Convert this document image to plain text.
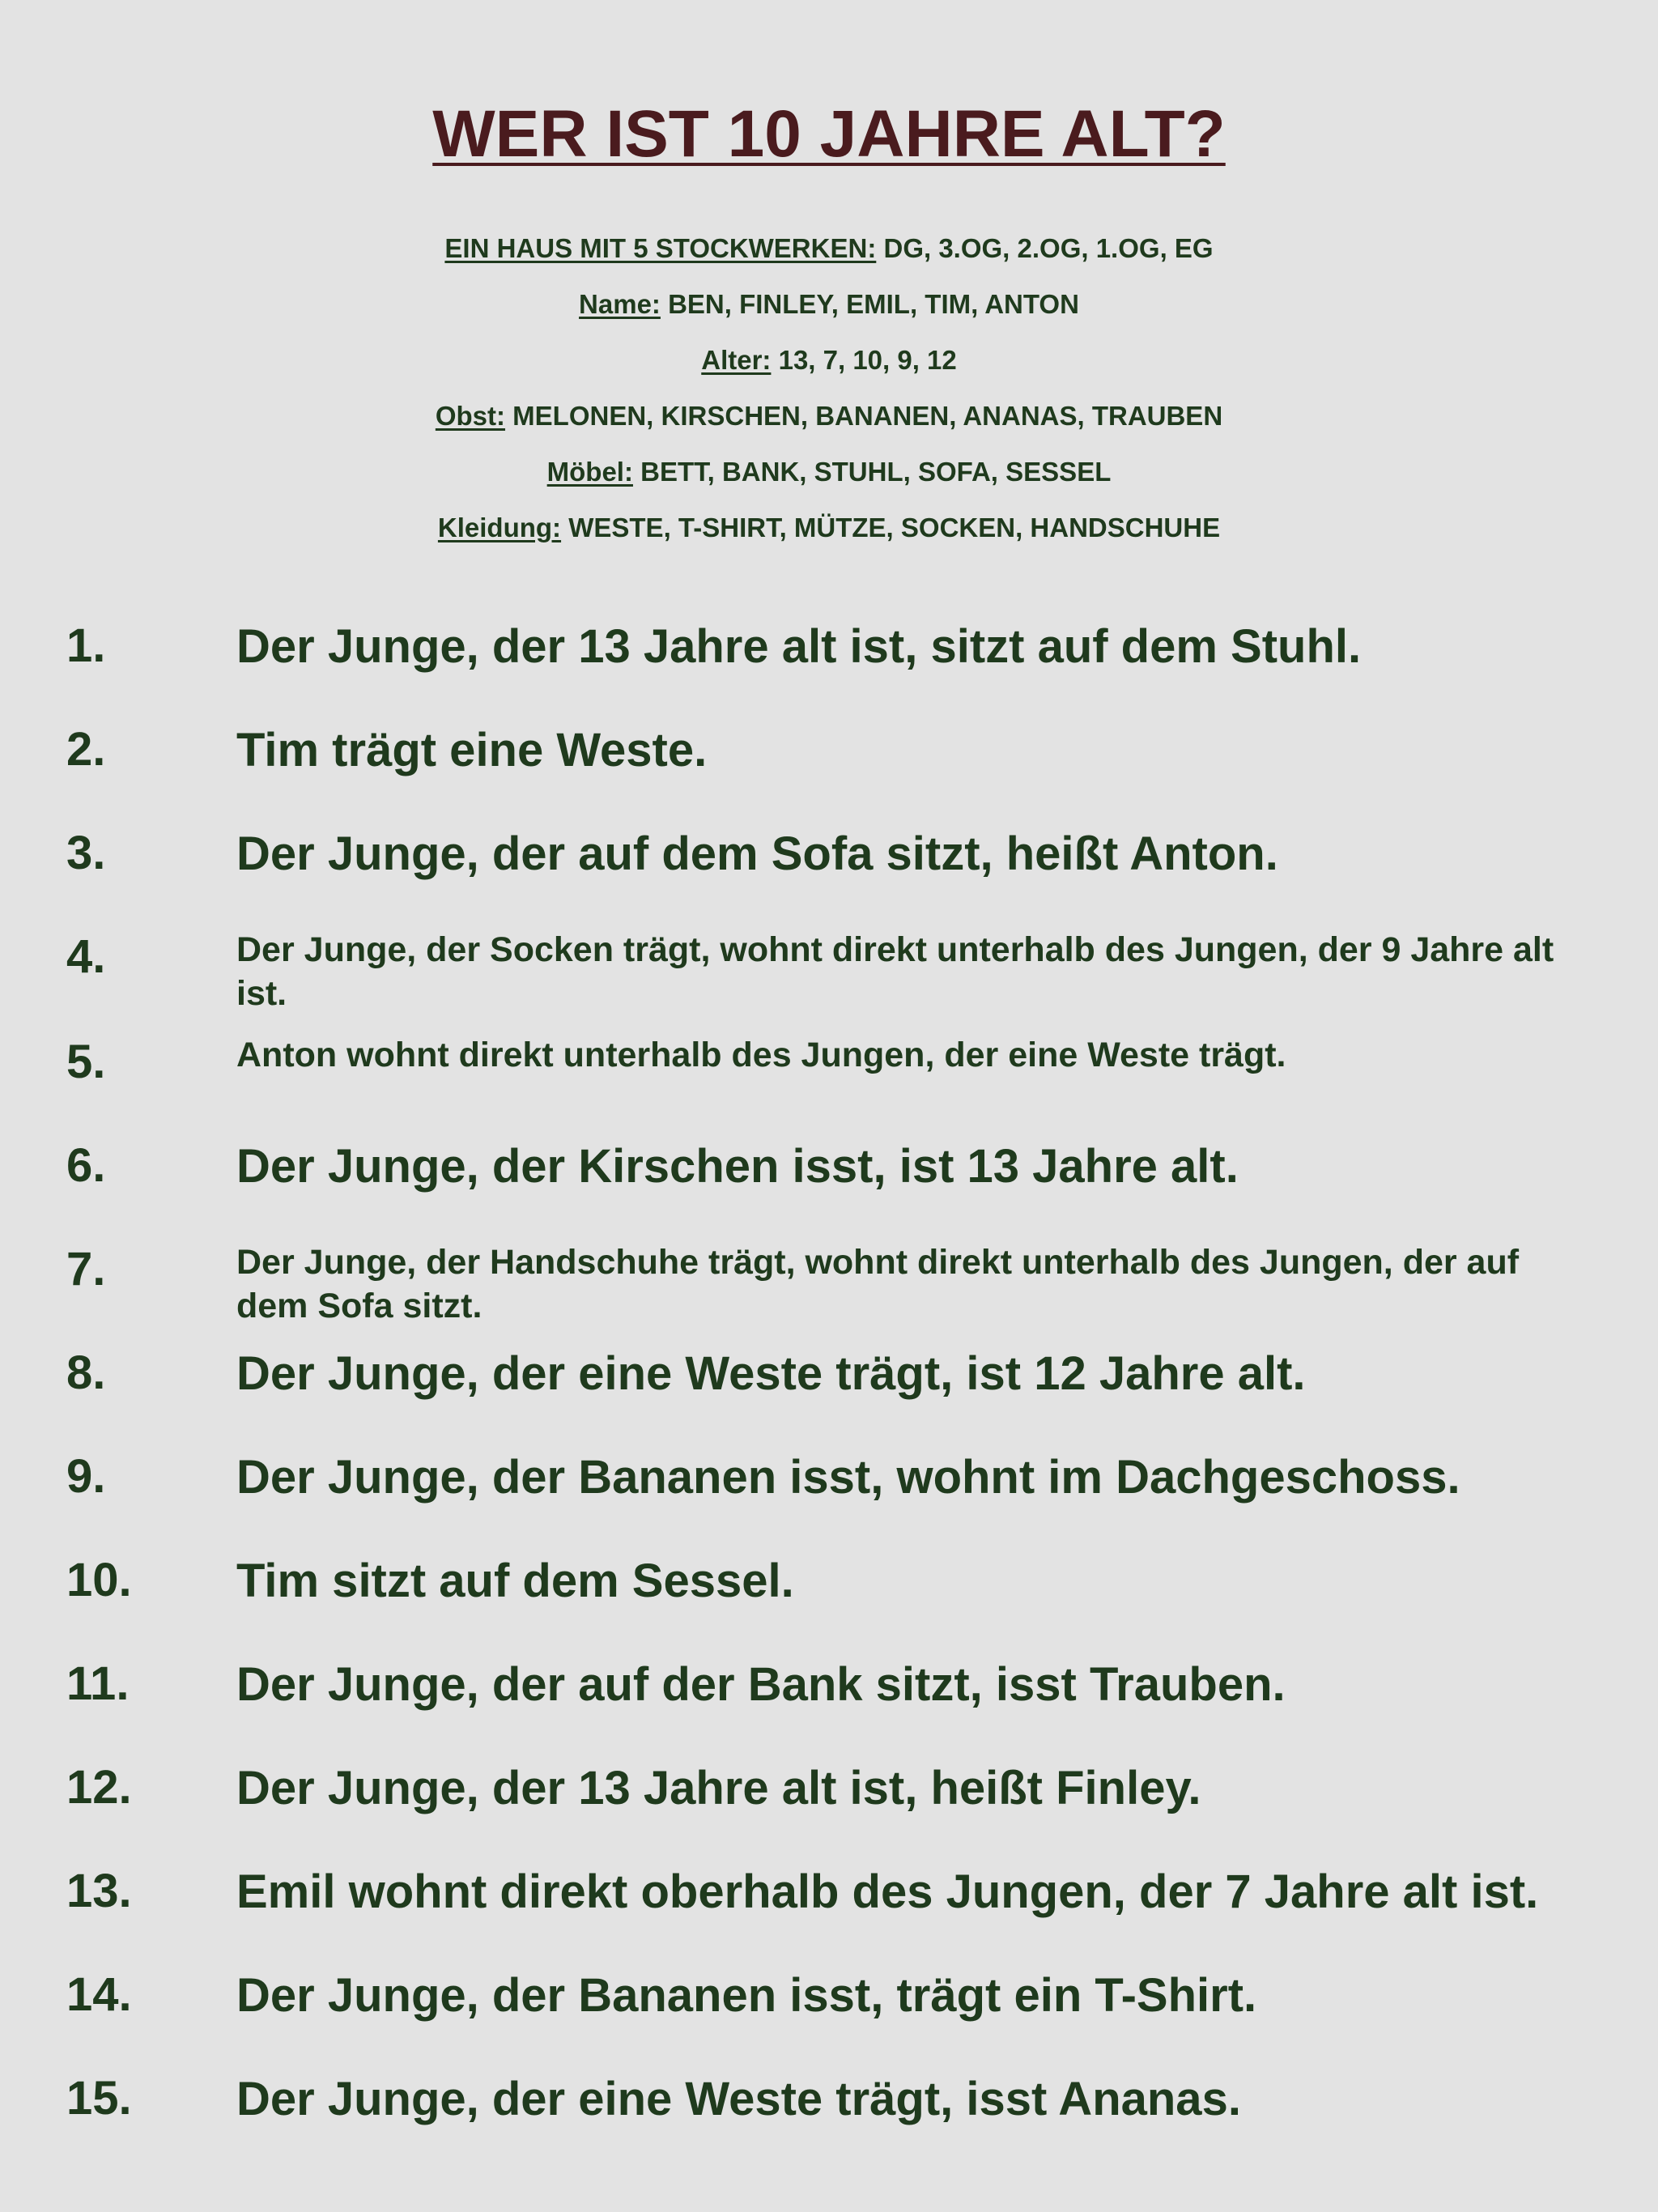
WER IST 10 JAHRE ALT?
EIN HAUS MIT 5 STOCKWERKEN: DG, 3.OG, 2.OG, 1.OG, EG
Name: BEN, FINLEY, EMIL, TIM, ANTON
Alter: 13, 7, 10, 9, 12
Obst: MELONEN, KIRSCHEN, BANANEN, ANANAS, TRAUBEN
Möbel: BETT, BANK, STUHL, SOFA, SESSEL
Kleidung: WESTE, T-SHIRT, MÜTZE, SOCKEN, HANDSCHUHE
1.	Der Junge, der 13 Jahre alt ist, sitzt auf dem Stuhl.
2.	Tim trägt eine Weste.
3.	Der Junge, der auf dem Sofa sitzt, heißt Anton.
4.	Der Junge, der Socken trägt, wohnt direkt unterhalb des Jungen, der 9 Jahre alt ist.
5.	Anton wohnt direkt unterhalb des Jungen, der eine Weste trägt.
6.	Der Junge, der Kirschen isst, ist 13 Jahre alt.
7.	Der Junge, der Handschuhe trägt, wohnt direkt unterhalb des Jungen, der auf dem Sofa sitzt.
8.	Der Junge, der eine Weste trägt, ist 12 Jahre alt.
9.	Der Junge, der Bananen isst, wohnt im Dachgeschoss.
10. Tim sitzt auf dem Sessel.
11. Der Junge, der auf der Bank sitzt, isst Trauben.
12. Der Junge, der 13 Jahre alt ist, heißt Finley.
13. Emil wohnt direkt oberhalb des Jungen, der 7 Jahre alt ist.
14. Der Junge, der Bananen isst, trägt ein T-Shirt.
15. Der Junge, der eine Weste trägt, isst Ananas.
